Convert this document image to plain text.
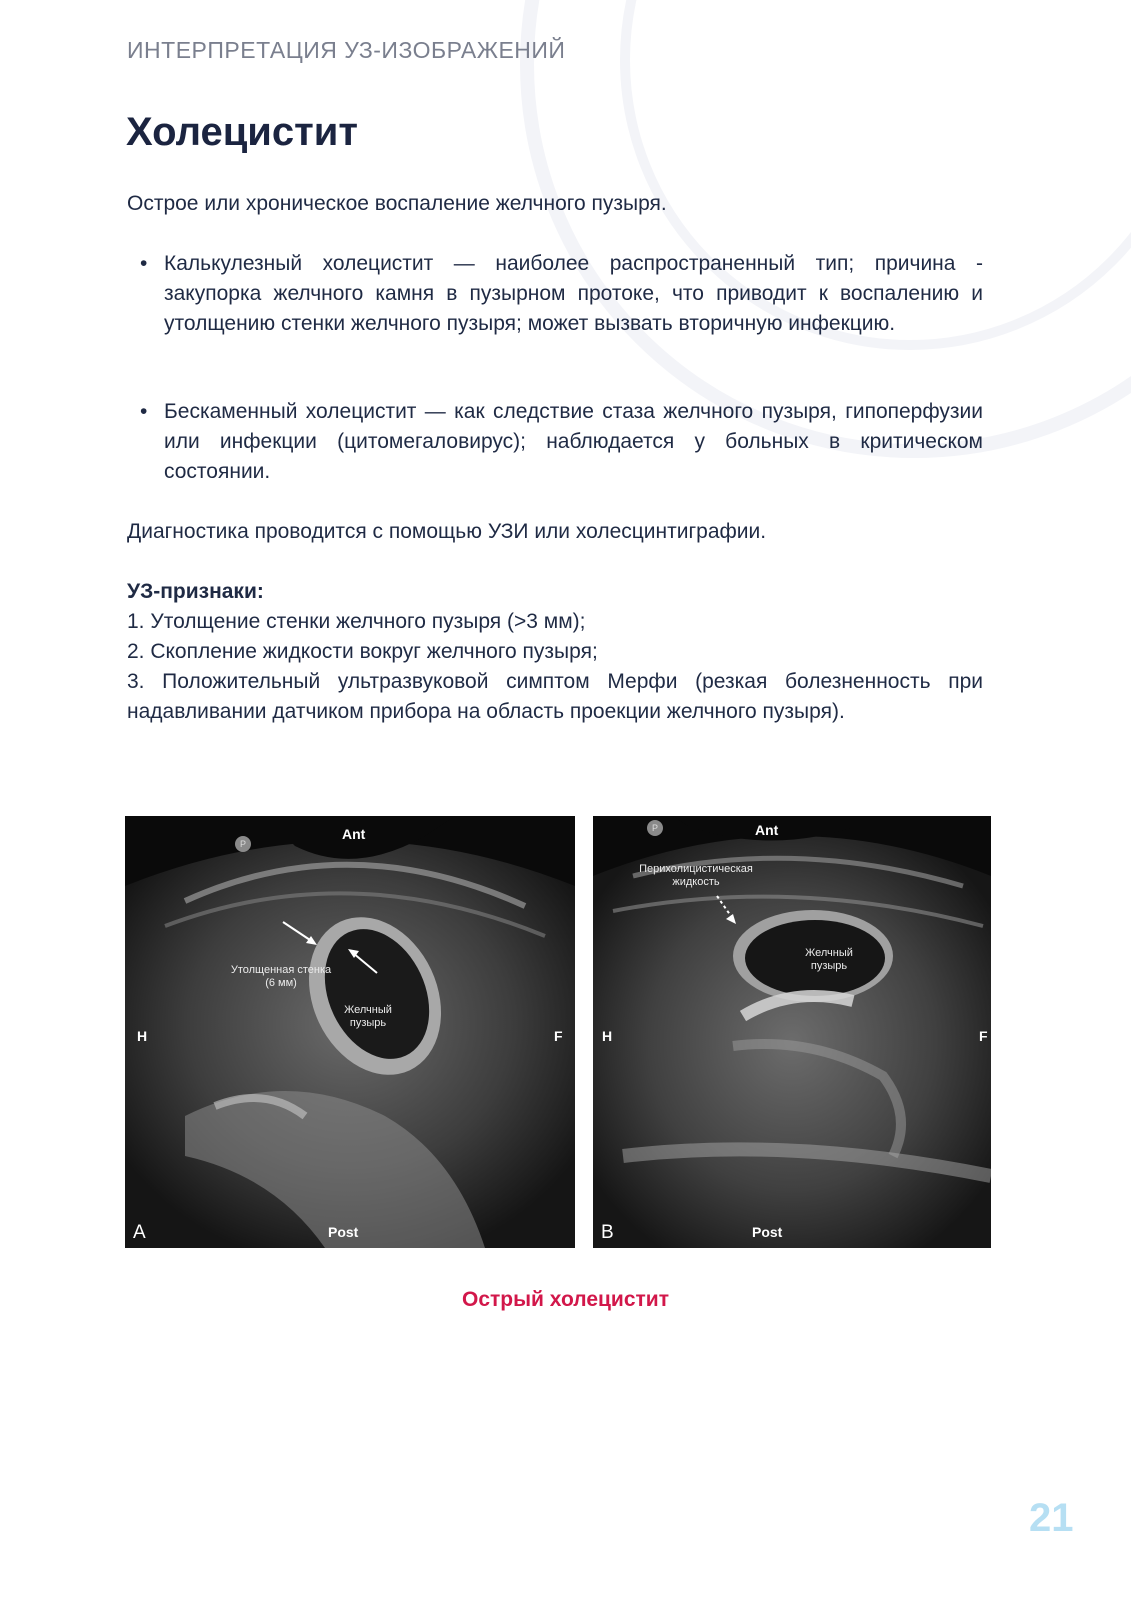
ИНТЕРПРЕТАЦИЯ УЗ-ИЗОБРАЖЕНИЙ
Холецистит
Острое или хроническое воспаление желчного пузыря.
• Калькулезный холецистит — наиболее распространенный тип; причина - закупорка желчного камня в пузырном протоке, что приводит к воспалению и утолщению стенки желчного пузыря; может вызвать вторичную инфекцию.
• Бескаменный холецистит — как следствие стаза желчного пузыря, гипоперфузии или инфекции (цитомегаловирус); наблюдается у больных в критическом состоянии.
Диагностика проводится с помощью УЗИ или холесцинтиграфии.
УЗ-признаки:
1. Утолщение стенки желчного пузыря (>3 мм);
2. Скопление жидкости вокруг желчного пузыря;
3. Положительный ультразвуковой симптом Мерфи (резкая болезненность при надавливании датчиком прибора на область проекции желчного пузыря).
P
Ant
H	F
Post
A
Утолщенная стенка
(6 мм)
Желчный
пузырь
P	Ant
H	F
Post
B
Перихолицистическая
жидкость
Желчный
пузырь
Острый холецистит
21
